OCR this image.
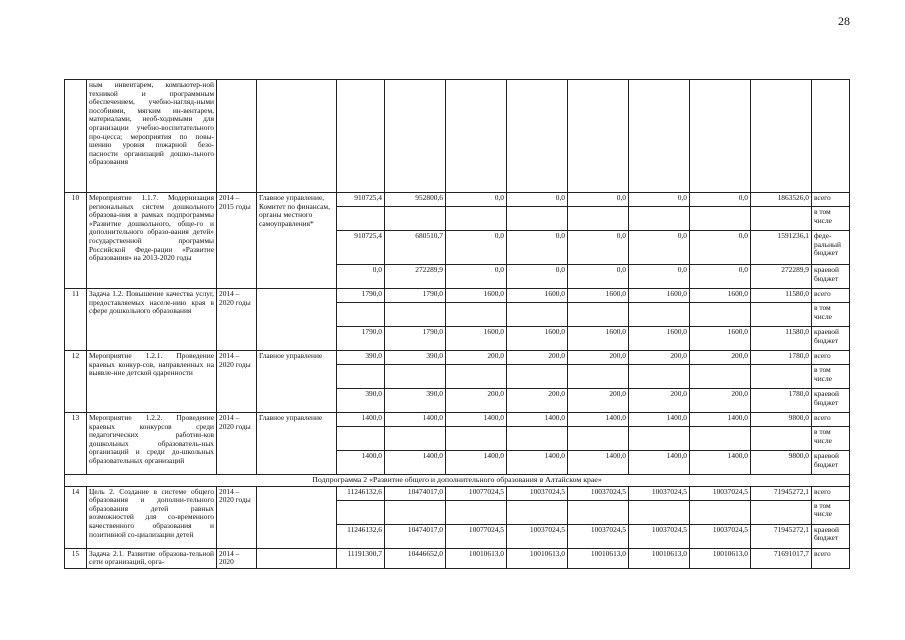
28
	ным инвентарем, компьютер-ной техникой и программным обеспечением, учебно-нагляд-ными пособиями, мягким ин-вентарем, материалами, необ-ходимыми для организации учебно-воспитательного про-цесса; мероприятия по повы-шению уровня пожарной безо-пасности организаций дошко-льного образования											
10	Мероприятие 1.1.7. Модернизация региональных систем дошкольного образова-ния в рамках подпрограммы «Развитие дошкольного, обще-го и дополнительного образо-вания детей» государственной программы Российской Феде-рации «Развитие образования» на 2013-2020 годы	2014 – 2015 годы	Главное управление, Комитет по финансам, органы местного самоуправления*	910725,4	952800,6	0,0	0,0	0,0	0,0	0,0	1863526,0	всего
												в том числе
				910725,4	680510,7	0,0	0,0	0,0	0,0	0,0	1591236,1	феде-ральный бюджет
				0,0	272289,9	0,0	0,0	0,0	0,0	0,0	272289,9	краевой бюджет
11	Задача 1.2. Повышение качества услуг, предоставляемых населе-нию края в сфере дошкольного образования	2014 – 2020 годы		1790,0	1790,0	1600,0	1600,0	1600,0	1600,0	1600,0	11580,0	всего
												в том числе
				1790,0	1790,0	1600,0	1600,0	1600,0	1600,0	1600,0	11580,0	краевой бюджет
12	Мероприятие 1.2.1. Проведение краевых конкур-сов, направленных на выявле-ние детской одаренности	2014 – 2020 годы	Главное управление	390,0	390,0	200,0	200,0	200,0	200,0	200,0	1780,0	всего
												в том числе
				390,0	390,0	200,0	200,0	200,0	200,0	200,0	1780,0	краевой бюджет
13	Мероприятие 1.2.2. Проведение краевых конкурсов среди педагогических работни-ков дошкольных образователь-ных организаций и среди до-школьных образовательных организаций	2014 – 2020 годы	Главное управление	1400,0	1400,0	1400,0	1400,0	1400,0	1400,0	1400,0	9800,0	всего
												в том числе
				1400,0	1400,0	1400,0	1400,0	1400,0	1400,0	1400,0	9800,0	краевой бюджет
Подпрограмма 2 «Развитие общего и дополнительного образования в Алтайском крае»												
14	Цель 2. Создание в системе общего образования и дополни-тельного образования детей равных возможностей для со-временного качественного образования и позитивной со-циализации детей	2014 – 2020 годы		11246132,6	10474017,0	10077024,5	10037024,5	10037024,5	10037024,5	10037024,5	71945272,1	всего
												в том числе
				11246132,6	10474017,0	10077024,5	10037024,5	10037024,5	10037024,5	10037024,5	71945272,1	краевой бюджет
15	Задача 2.1. Развитие образова-тельной сети организаций, орга-	2014 – 2020		11191300,7	10446652,0	10010613,0	10010613,0	10010613,0	10010613,0	10010613,0	71691017,7	всего
